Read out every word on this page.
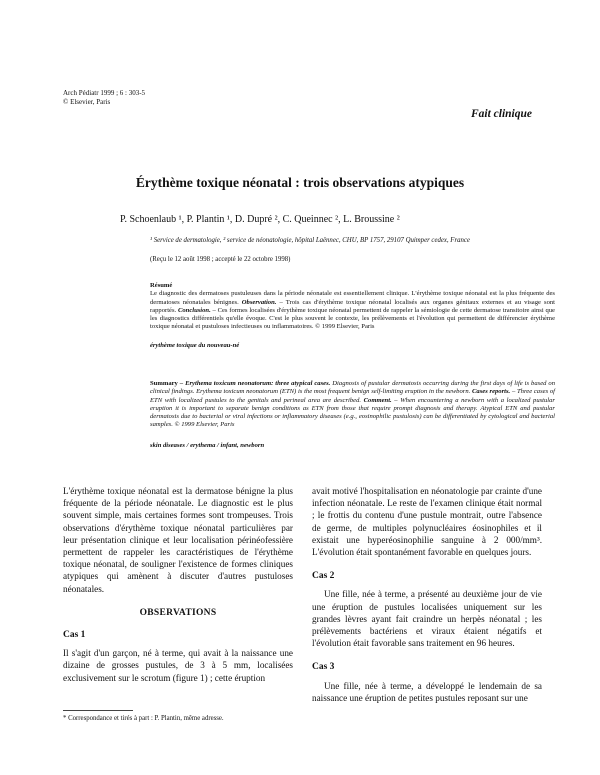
Arch Pédiatr 1999 ; 6 : 303-5
© Elsevier, Paris
Fait clinique
Érythème toxique néonatal : trois observations atypiques
P. Schoenlaub ¹, P. Plantin ¹, D. Dupré ², C. Queinnec ², L. Broussine ²
¹ Service de dermatologie, ² service de néonatologie, hôpital Laënnec, CHU, BP 1757, 29107 Quimper cedex, France
(Reçu le 12 août 1998 ; accepté le 22 octobre 1998)
Résumé

Le diagnostic des dermatoses pustuleuses dans la période néonatale est essentiellement clinique. L'érythème toxique néonatal est la plus fréquente des dermatoses néonatales bénignes. Observation. – Trois cas d'érythème toxique néonatal localisés aux organes génitaux externes et au visage sont rapportés. Conclusion. – Ces formes localisées d'érythème toxique néonatal permettent de rappeler la sémiologie de cette dermatose transitoire ainsi que les diagnostics différentiels qu'elle évoque. C'est le plus souvent le contexte, les prélèvements et l'évolution qui permettent de différencier érythème toxique néonatal et pustuloses infectieuses ou inflammatoires. © 1999 Elsevier, Paris

érythème toxique du nouveau-né

Summary – Erythema toxicum neonatorum: three atypical cases. Diagnosis of pustular dermatosis occurring during the first days of life is based on clinical findings. Erythema toxicum neonatorum (ETN) is the most frequent benign self-limiting eruption in the newborn. Cases reports. – Three cases of ETN with localized pustules to the genitals and perineal area are described. Comment. – When encountering a newborn with a localized pustular eruption it is important to separate benign conditions as ETN from those that require prompt diagnosis and therapy. Atypical ETN and pustular dermatosis due to bacterial or viral infections or inflammatory diseases (e.g., eosinophilic pustulosis) can be differentiated by cytological and bacterial samples. © 1999 Elsevier, Paris

skin diseases / erythema / infant, newborn

L'érythème toxique néonatal est la dermatose bénigne la plus fréquente de la période néonatale. Le diagnostic est le plus souvent simple, mais certaines formes sont trompeuses. Trois observations d'érythème toxique néonatal particulières par leur présentation clinique et leur localisation périnéofessière permettent de rappeler les caractéristiques de l'érythème toxique néonatal, de souligner l'existence de formes cliniques atypiques qui amènent à discuter d'autres pustuloses néonatales.

OBSERVATIONS
Cas 1

Il s'agit d'un garçon, né à terme, qui avait à la naissance une dizaine de grosses pustules, de 3 à 5 mm, localisées exclusivement sur le scrotum (figure 1) ; cette éruption

avait motivé l'hospitalisation en néonatologie par crainte d'une infection néonatale. Le reste de l'examen clinique était normal ; le frottis du contenu d'une pustule montrait, outre l'absence de germe, de multiples polynucléaires éosinophiles et il existait une hyperéosinophilie sanguine à 2 000/mm³. L'évolution était spontanément favorable en quelques jours.

Cas 2

Une fille, née à terme, a présenté au deuxième jour de vie une éruption de pustules localisées uniquement sur les grandes lèvres ayant fait craindre un herpès néonatal ; les prélèvements bactériens et viraux étaient négatifs et l'évolution était favorable sans traitement en 96 heures.

Cas 3

Une fille, née à terme, a développé le lendemain de sa naissance une éruption de petites pustules reposant sur une

* Correspondance et tirés à part : P. Plantin, même adresse.
